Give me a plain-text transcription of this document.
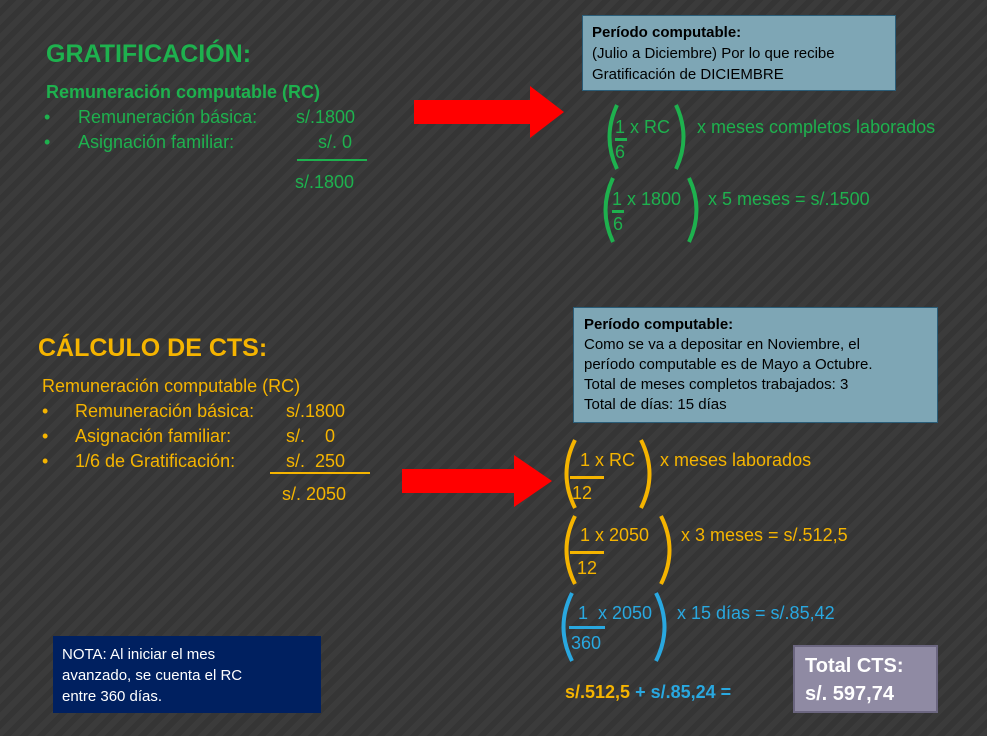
GRATIFICACIÓN:
Remuneración computable (RC)
• Remuneración básica: s/.1800
• Asignación familiar:	s/. 0
s/.1800
Período computable:
(Julio a Diciembre) Por lo que recibe
Gratificación de DICIEMBRE
1 x RC
6
x meses completos laborados
1 x 1800
6
x 5 meses = s/.1500
CÁLCULO DE CTS:
Remuneración computable (RC)
• Remuneración básica: s/.1800
• Asignación familiar:	s/.    0
• 1/6 de Gratificación:	s/.  250
s/. 2050
Período computable:
Como se va a depositar en Noviembre, el
período computable es de Mayo a Octubre.
Total de meses completos trabajados: 3
Total de días: 15 días
1 x RC
12
x meses laborados
1 x 2050
12
x 3 meses = s/.512,5
1  x 2050
360
x 15 días = s/.85,42
s/.512,5 + s/.85,24 =
Total CTS:
s/. 597,74
NOTA: Al iniciar el mes
avanzado, se cuenta el RC
entre 360 días.
